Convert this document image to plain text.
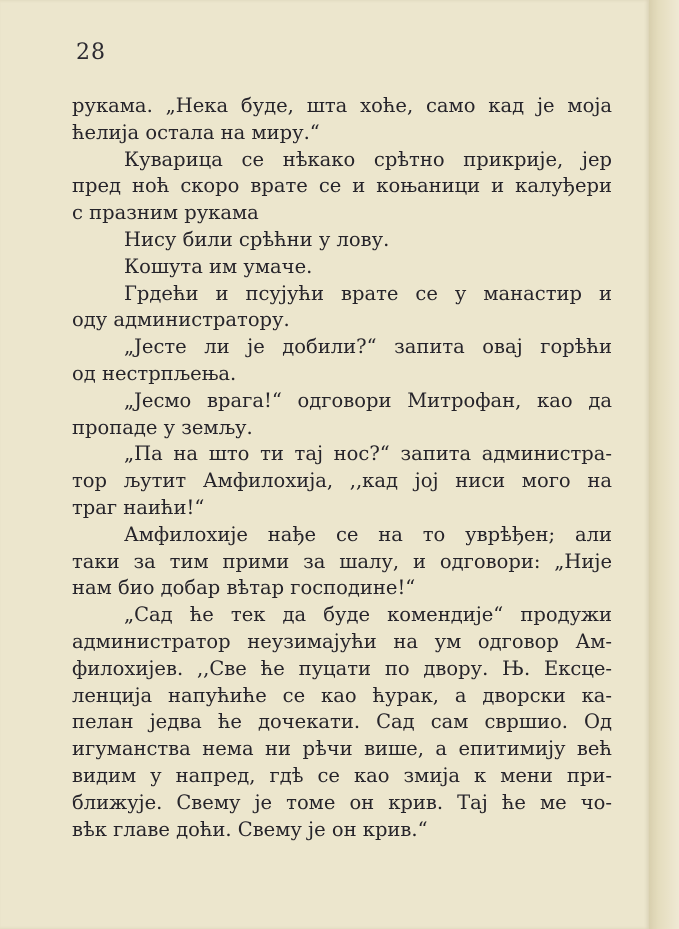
28
рукама. „Нека буде, шта хоће, само кад је моја
ћелија остала на миру.“
Куварица се нѣкако срѣтно прикрије, јер
пред ноћ скоро врате се и коњаници и калуђери
с празним рукама
Нису били срѣћни у лову.
Кошута им умаче.
Грдећи и псујући врате се у манастир и
оду администратору.
„Јесте ли је добили?“ запита овај горѣћи
од нестрпљења.
„Јесмо врага!“ одговори Митрофан, као да
пропаде у земљу.
„Па на што ти тај нос?“ запита администра-
тор љутит Амфилохија, ,,кад јој ниси мого на
траг наићи!“
Амфилохије нађе се на то уврѣђен; али
таки за тим прими за шалу, и одговори: „Није
нам био добар вѣтар господине!“
„Сад ће тек да буде комендије“ продужи
администратор неузимајући на ум одговор Ам-
филохијев. ,,Све ће пуцати по двору. Њ. Ексце-
ленција напућиће се као ћурак, а дворски ка-
пелан једва ће дочекати. Сад сам свршио. Од
игуманства нема ни рѣчи више, а епитимију већ
видим у напред, гдѣ се као змија к мени при-
ближује. Свему је томе он крив. Тај ће ме чо-
вѣк главе доћи. Свему је он крив.“
